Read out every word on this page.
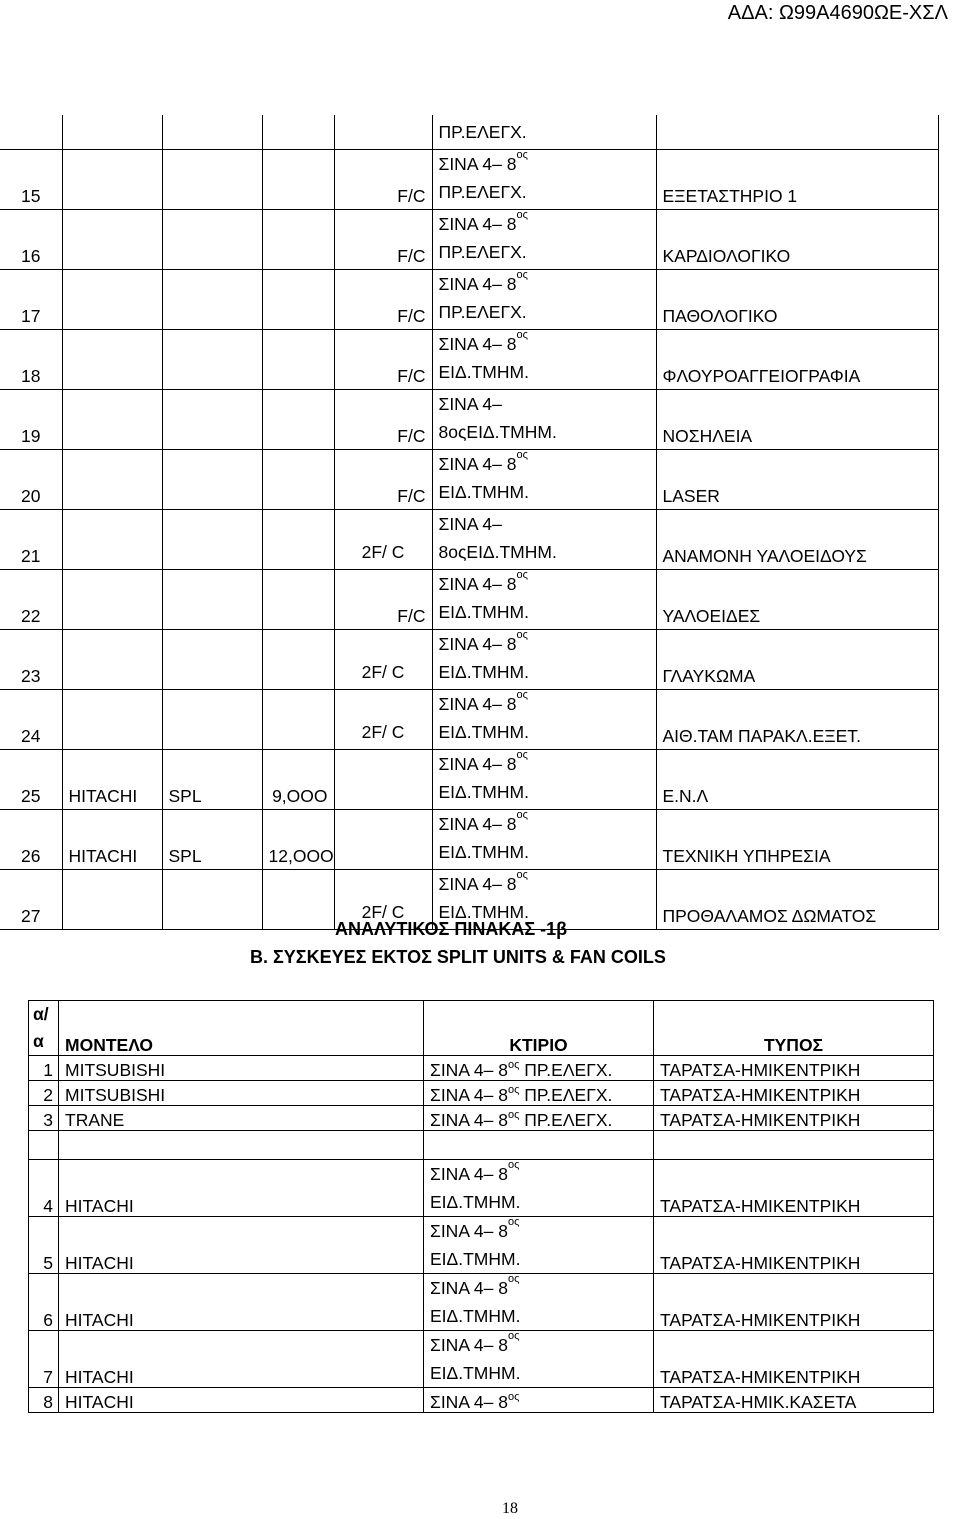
ΑΔΑ: Ω99Α4690ΩΕ-ΧΣΛ
					ΠΡ.ΕΛΕΓΧ.	
15				F/C	ΣΙΝΑ 4– $8^{o\varsigma}$
ΠΡ.ΕΛΕΓΧ.	ΕΞΕΤΑΣΤΗΡΙΟ 1
16				F/C	ΣΙΝΑ 4– $8^{o\varsigma}$
ΠΡ.ΕΛΕΓΧ.	ΚΑΡΔΙΟΛΟΓΙΚΟ
17				F/C	ΣΙΝΑ 4– $8^{o\varsigma}$
ΠΡ.ΕΛΕΓΧ.	ΠΑΘΟΛΟΓΙΚΟ
18				F/C	ΣΙΝΑ 4– $8^{o\varsigma}$
ΕΙΔ.ΤΜΗΜ.	ΦΛΟΥΡΟΑΓΓΕΙΟΓΡΑΦΙΑ
19				F/C	ΣΙΝΑ 4–
8οςΕΙΔ.ΤΜΗΜ.	ΝΟΣΗΛΕΙΑ
20				F/C	ΣΙΝΑ 4– $8^{o\varsigma}$
ΕΙΔ.ΤΜΗΜ.	LASER
21				2F/ C	ΣΙΝΑ 4–
8οςΕΙΔ.ΤΜΗΜ.	ΑΝΑΜΟΝΗ ΥΑΛΟΕΙΔΟΥΣ
22				F/C	ΣΙΝΑ 4– $8^{o\varsigma}$
ΕΙΔ.ΤΜΗΜ.	ΥΑΛΟΕΙΔΕΣ
23				2F/ C	ΣΙΝΑ 4– $8^{o\varsigma}$
ΕΙΔ.ΤΜΗΜ.	ΓΛΑΥΚΩΜΑ
24				2F/ C	ΣΙΝΑ 4– $8^{o\varsigma}$
ΕΙΔ.ΤΜΗΜ.	ΑΙΘ.ΤΑΜ ΠΑΡΑΚΛ.ΕΞΕΤ.
25	HITACHI	SPL	9,OOO		ΣΙΝΑ 4– $8^{o\varsigma}$
ΕΙΔ.ΤΜΗΜ.	Ε.Ν.Λ
26	HITACHI	SPL	12,OOO		ΣΙΝΑ 4– $8^{o\varsigma}$
ΕΙΔ.ΤΜΗΜ.	ΤΕΧΝΙΚΗ ΥΠΗΡΕΣΙΑ
27				2F/ C	ΣΙΝΑ 4– $8^{o\varsigma}$
ΕΙΔ.ΤΜΗΜ.	ΠΡΟΘΑΛΑΜΟΣ ΔΩΜΑΤΟΣ
ΑΝΑΛΥΤΙΚΟΣ ΠΙΝΑΚΑΣ -1β
Β. ΣΥΣΚΕΥΕΣ ΕΚΤΟΣ SPLIT UNITS & FAN COILS
α/ α	ΜΟΝΤΕΛΟ	ΚΤΙΡΙΟ	ΤΥΠΟΣ
1	MITSUBISHI	ΣΙΝΑ 4– $8^{o\varsigma}$ ΠΡ.ΕΛΕΓΧ.	ΤΑΡΑΤΣΑ-ΗΜΙΚΕΝΤΡΙΚΗ
2	MITSUBISHI	ΣΙΝΑ 4– $8^{o\varsigma}$ ΠΡ.ΕΛΕΓΧ.	ΤΑΡΑΤΣΑ-ΗΜΙΚΕΝΤΡΙΚΗ
3	TRANE	ΣΙΝΑ 4– $8^{o\varsigma}$ ΠΡ.ΕΛΕΓΧ.	ΤΑΡΑΤΣΑ-ΗΜΙΚΕΝΤΡΙΚΗ

4	HITACHI	ΣΙΝΑ 4– $8^{o\varsigma}$
ΕΙΔ.ΤΜΗΜ.	ΤΑΡΑΤΣΑ-ΗΜΙΚΕΝΤΡΙΚΗ
5	HITACHI	ΣΙΝΑ 4– $8^{o\varsigma}$
ΕΙΔ.ΤΜΗΜ.	ΤΑΡΑΤΣΑ-ΗΜΙΚΕΝΤΡΙΚΗ
6	HITACHI	ΣΙΝΑ 4– $8^{o\varsigma}$
ΕΙΔ.ΤΜΗΜ.	ΤΑΡΑΤΣΑ-ΗΜΙΚΕΝΤΡΙΚΗ
7	HITACHI	ΣΙΝΑ 4– $8^{o\varsigma}$
ΕΙΔ.ΤΜΗΜ.	ΤΑΡΑΤΣΑ-ΗΜΙΚΕΝΤΡΙΚΗ
8	HITACHI	ΣΙΝΑ 4– $8^{o\varsigma}$	ΤΑΡΑΤΣΑ-ΗΜΙΚ.ΚΑΣΕΤΑ
18
